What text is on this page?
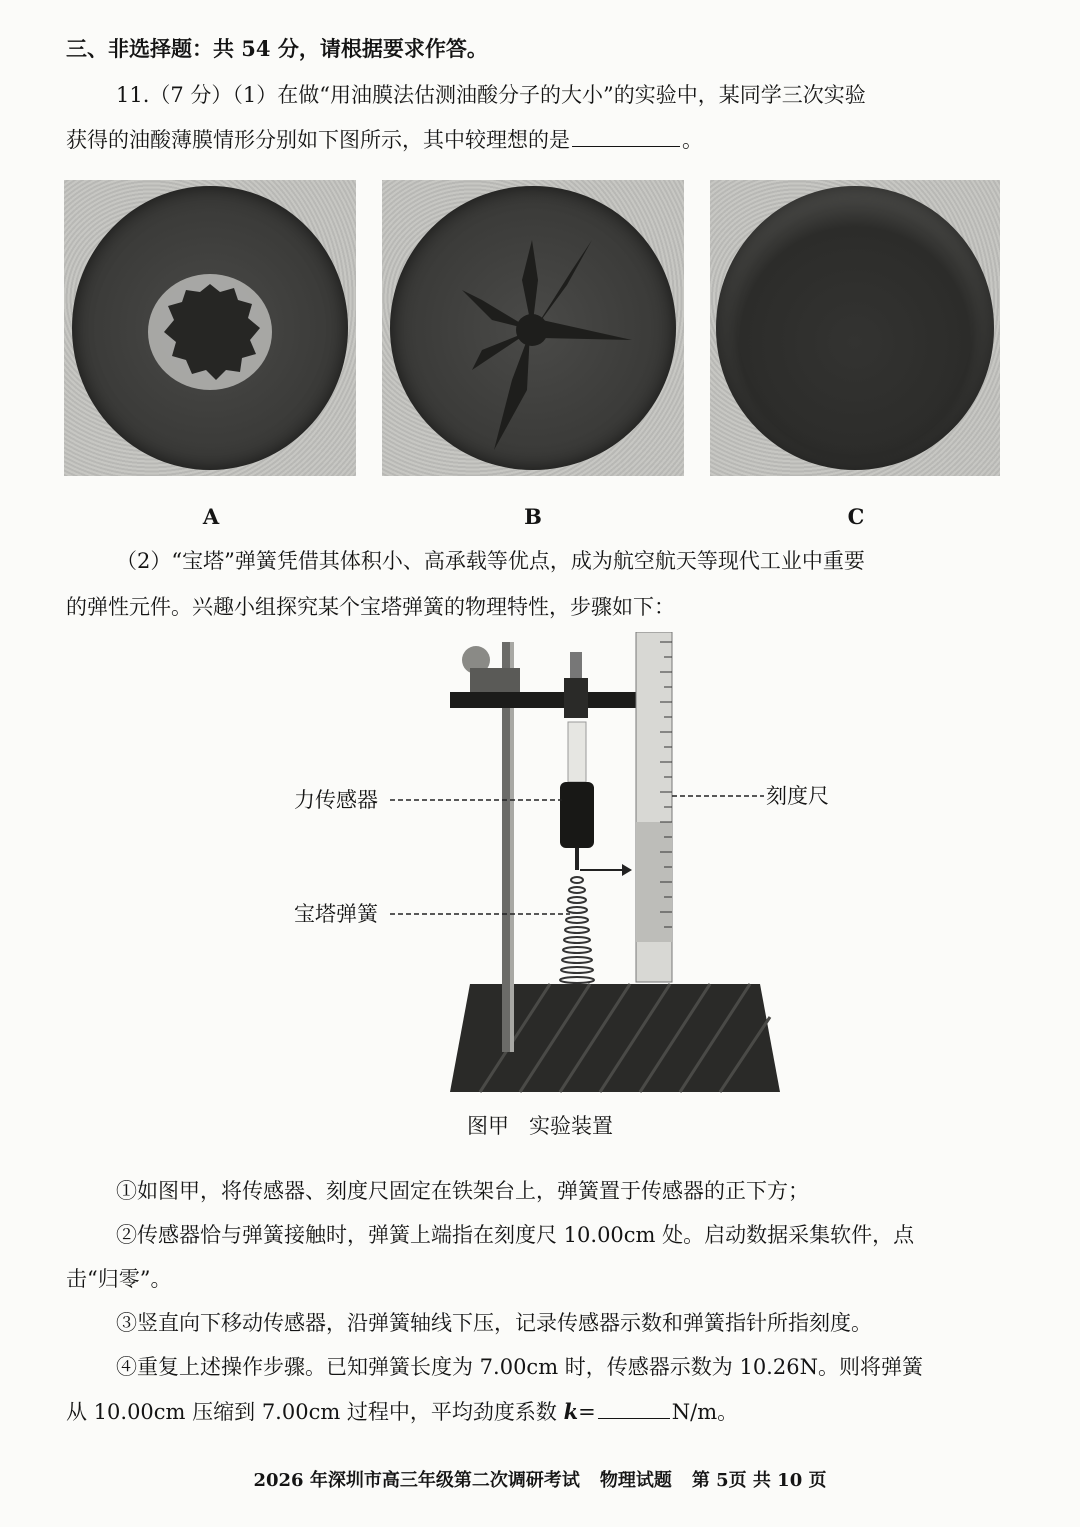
三、非选择题：共 54 分，请根据要求作答。
11.（7 分）（1）在做“用油膜法估测油酸分子的大小”的实验中，某同学三次实验
获得的油酸薄膜情形分别如下图所示，其中较理想的是	。
A	B	C
（2）“宝塔”弹簧凭借其体积小、高承载等优点，成为航空航天等现代工业中重要
的弹性元件。兴趣小组探究某个宝塔弹簧的物理特性，步骤如下：
力传感器	刻度尺
宝塔弹簧
图甲 实验装置
①如图甲，将传感器、刻度尺固定在铁架台上，弹簧置于传感器的正下方；
②传感器恰与弹簧接触时，弹簧上端指在刻度尺 10.00cm 处。启动数据采集软件，点
击“归零”。
③竖直向下移动传感器，沿弹簧轴线下压，记录传感器示数和弹簧指针所指刻度。
④重复上述操作步骤。已知弹簧长度为 7.00cm 时，传感器示数为 10.26N。则将弹簧
从 10.00cm 压缩到 7.00cm 过程中，平均劲度系数 k=	N/m。
2026 年深圳市高三年级第二次调研考试 物理试题 第 5页 共 10 页
